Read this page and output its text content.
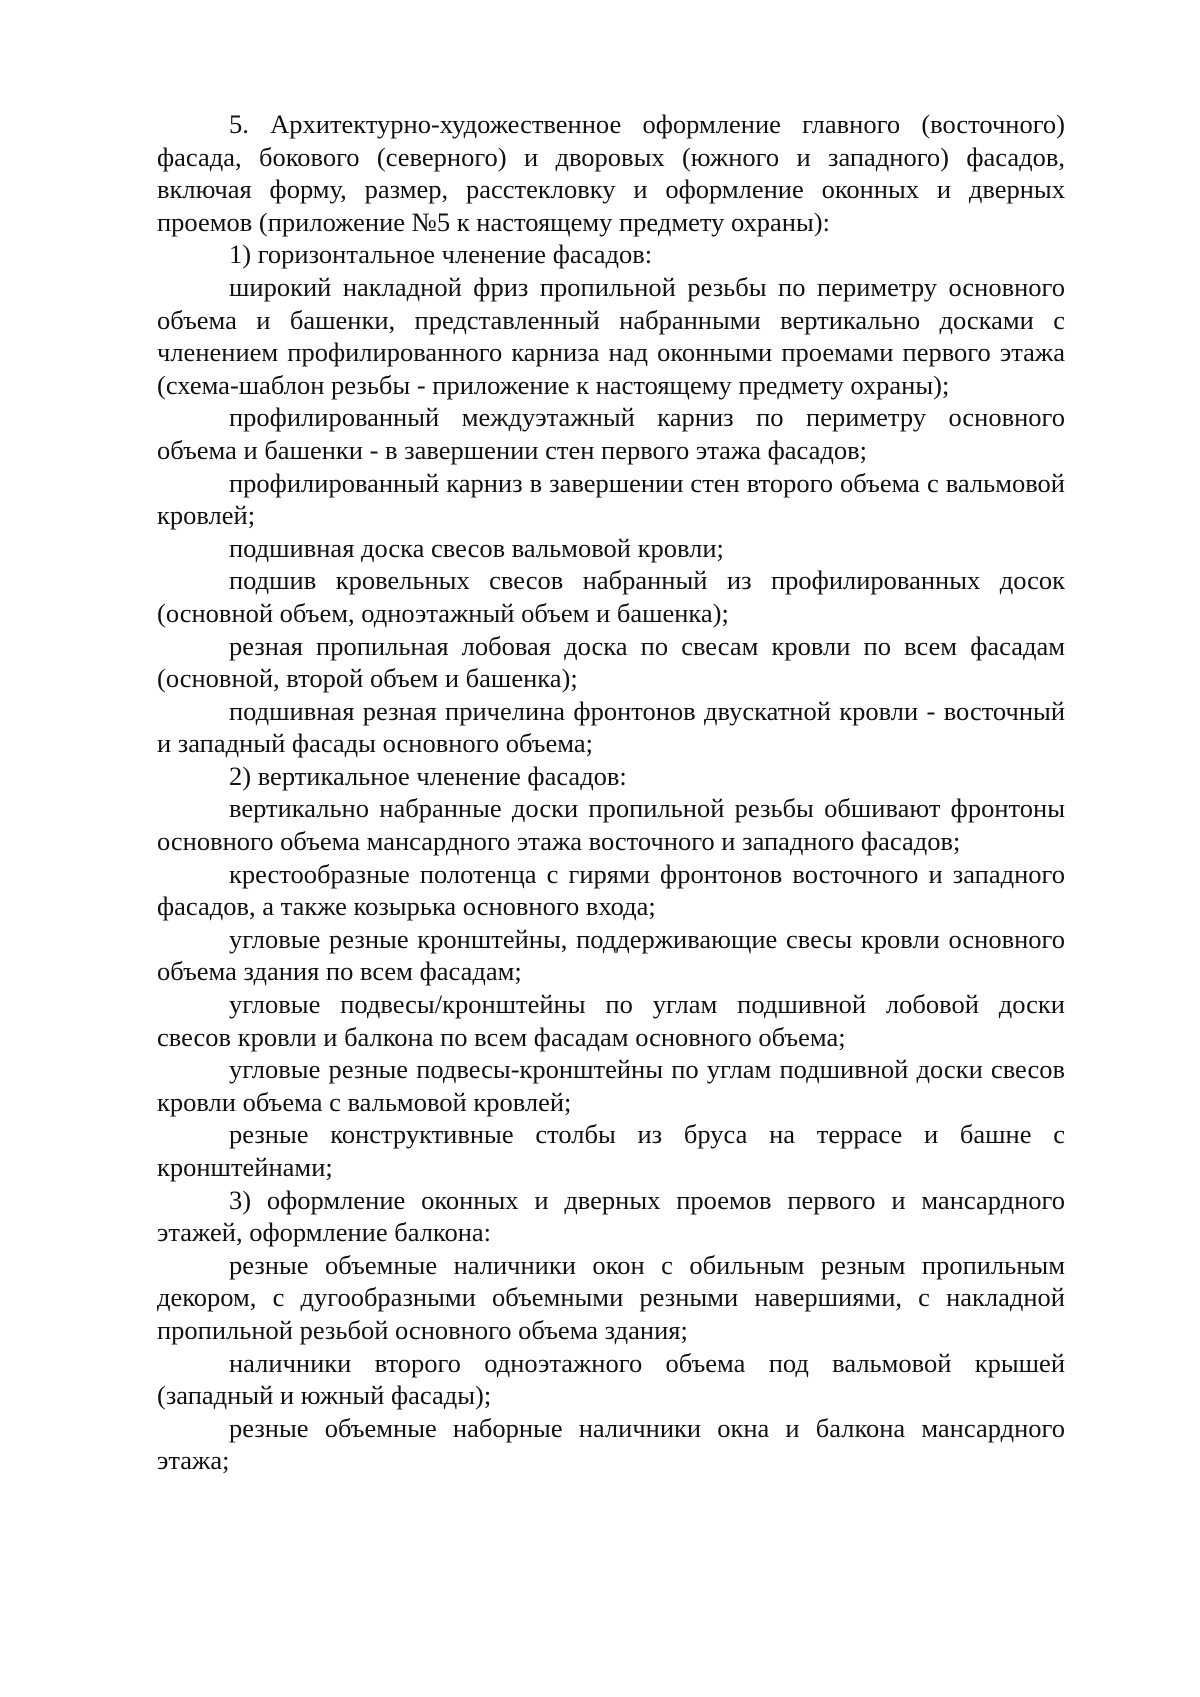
5. Архитектурно-художественное оформление главного (восточного) фасада, бокового (северного) и дворовых (южного и западного) фасадов, включая форму, размер, расстекловку и оформление оконных и дверных проемов (приложение №5 к настоящему предмету охраны):

1) горизонтальное членение фасадов:

широкий накладной фриз пропильной резьбы по периметру основного объема и башенки, представленный набранными вертикально досками с членением профилированного карниза над оконными проемами первого этажа (схема-шаблон резьбы - приложение к настоящему предмету охраны);

профилированный междуэтажный карниз по периметру основного объема и башенки - в завершении стен первого этажа фасадов;

профилированный карниз в завершении стен второго объема с вальмовой кровлей;

подшивная доска свесов вальмовой кровли;

подшив кровельных свесов набранный из профилированных досок (основной объем, одноэтажный объем и башенка);

резная пропильная лобовая доска по свесам кровли по всем фасадам (основной, второй объем и башенка);

подшивная резная причелина фронтонов двускатной кровли - восточный и западный фасады основного объема;

2) вертикальное членение фасадов:

вертикально набранные доски пропильной резьбы обшивают фронтоны основного объема мансардного этажа восточного и западного фасадов;

крестообразные полотенца с гирями фронтонов восточного и западного фасадов, а также козырька основного входа;

угловые резные кронштейны, поддерживающие свесы кровли основного объема здания по всем фасадам;

угловые подвесы/кронштейны по углам подшивной лобовой доски свесов кровли и балкона по всем фасадам основного объема;

угловые резные подвесы-кронштейны по углам подшивной доски свесов кровли объема с вальмовой кровлей;

резные конструктивные столбы из бруса на террасе и башне с кронштейнами;

3) оформление оконных и дверных проемов первого и мансардного этажей, оформление балкона:

резные объемные наличники окон с обильным резным пропильным декором, с дугообразными объемными резными навершиями, с накладной пропильной резьбой основного объема здания;

наличники второго одноэтажного объема под вальмовой крышей (западный и южный фасады);

резные объемные наборные наличники окна и балкона мансардного этажа;
